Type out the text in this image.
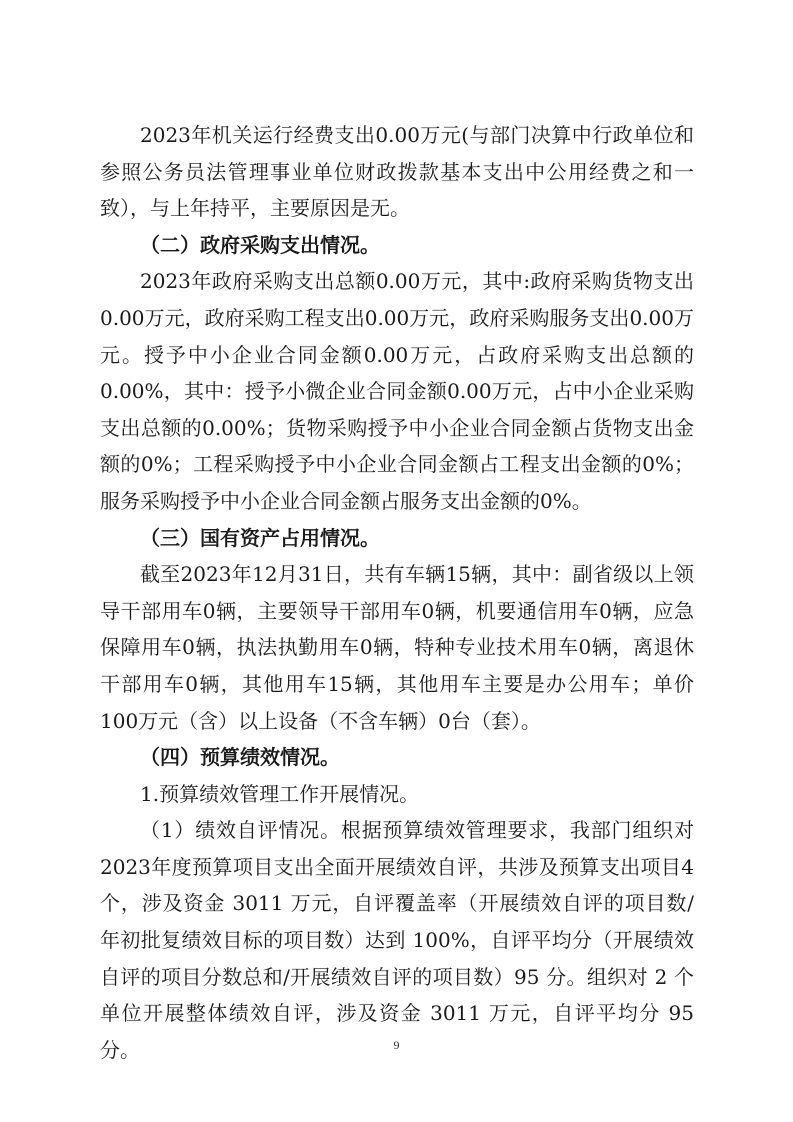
2023年机关运行经费支出0.00万元(与部门决算中行政单位和参照公务员法管理事业单位财政拨款基本支出中公用经费之和一致），与上年持平，主要原因是无。

（二）政府采购支出情况。

2023年政府采购支出总额0.00万元，其中:政府采购货物支出0.00万元，政府采购工程支出0.00万元，政府采购服务支出0.00万元。授予中小企业合同金额0.00万元，占政府采购支出总额的0.00%，其中：授予小微企业合同金额0.00万元，占中小企业采购支出总额的0.00%；货物采购授予中小企业合同金额占货物支出金额的0%；工程采购授予中小企业合同金额占工程支出金额的0%；服务采购授予中小企业合同金额占服务支出金额的0%。

（三）国有资产占用情况。

截至2023年12月31日，共有车辆15辆，其中：副省级以上领导干部用车0辆，主要领导干部用车0辆，机要通信用车0辆，应急保障用车0辆，执法执勤用车0辆，特种专业技术用车0辆，离退休干部用车0辆，其他用车15辆，其他用车主要是办公用车；单价100万元（含）以上设备（不含车辆）0台（套）。

（四）预算绩效情况。

1.预算绩效管理工作开展情况。

（1）绩效自评情况。根据预算绩效管理要求，我部门组织对2023年度预算项目支出全面开展绩效自评，共涉及预算支出项目4个，涉及资金 3011 万元，自评覆盖率（开展绩效自评的项目数/ 年初批复绩效目标的项目数）达到 100%，自评平均分（开展绩效 自评的项目分数总和/开展绩效自评的项目数）95 分。组织对 2 个单位开展整体绩效自评，涉及资金 3011 万元，自评平均分 95 分。	9
